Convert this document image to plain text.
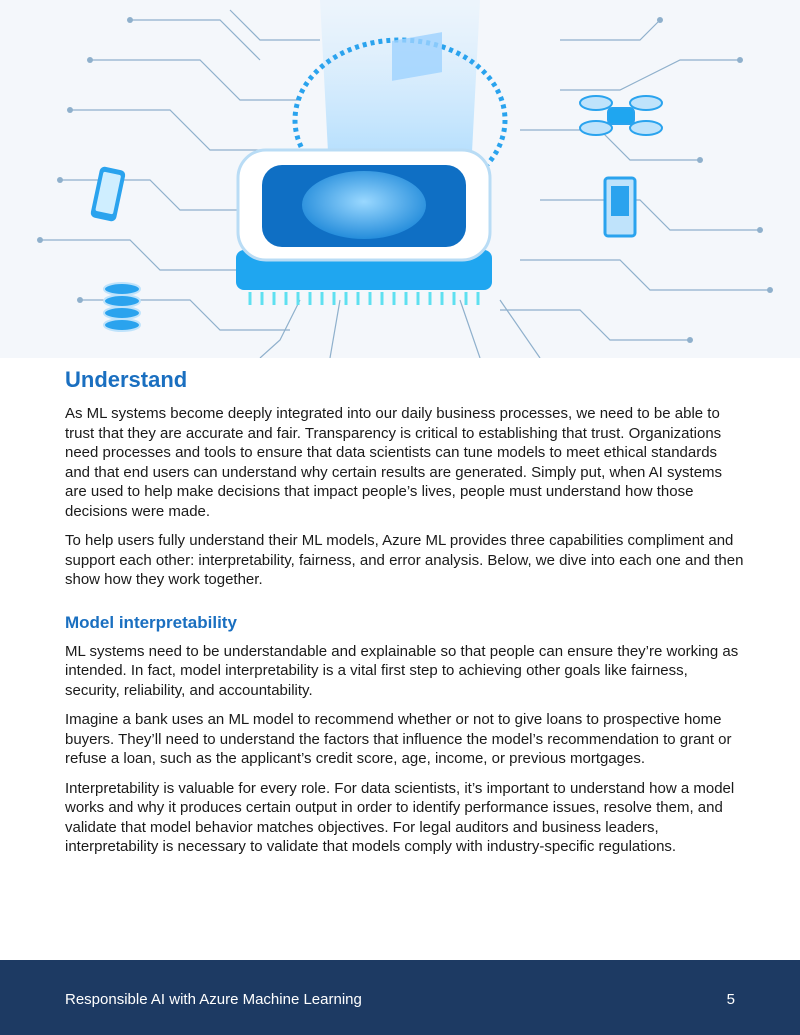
Understand

As ML systems become deeply integrated into our daily business processes, we need to be able to trust that they are accurate and fair. Transparency is critical to establishing that trust. Organizations need processes and tools to ensure that data scientists can tune models to meet ethical standards and that end users can understand why certain results are generated. Simply put, when AI systems are used to help make decisions that impact people’s lives, people must understand how those decisions were made.

To help users fully understand their ML models, Azure ML provides three capabilities compliment and support each other: interpretability, fairness, and error analysis. Below, we dive into each one and then show how they work together.

Model interpretability

ML systems need to be understandable and explainable so that people can ensure they’re working as intended. In fact, model interpretability is a vital first step to achieving other goals like fairness, security, reliability, and accountability.

Imagine a bank uses an ML model to recommend whether or not to give loans to prospective home buyers. They’ll need to understand the factors that influence the model’s recommendation to grant or refuse a loan, such as the applicant’s credit score, age, income, or previous mortgages.

Interpretability is valuable for every role. For data scientists, it’s important to understand how a model works and why it produces certain output in order to identify performance issues, resolve them, and validate that model behavior matches objectives. For legal auditors and business leaders, interpretability is necessary to validate that models comply with industry-specific regulations.

Responsible AI with Azure Machine Learning	5
